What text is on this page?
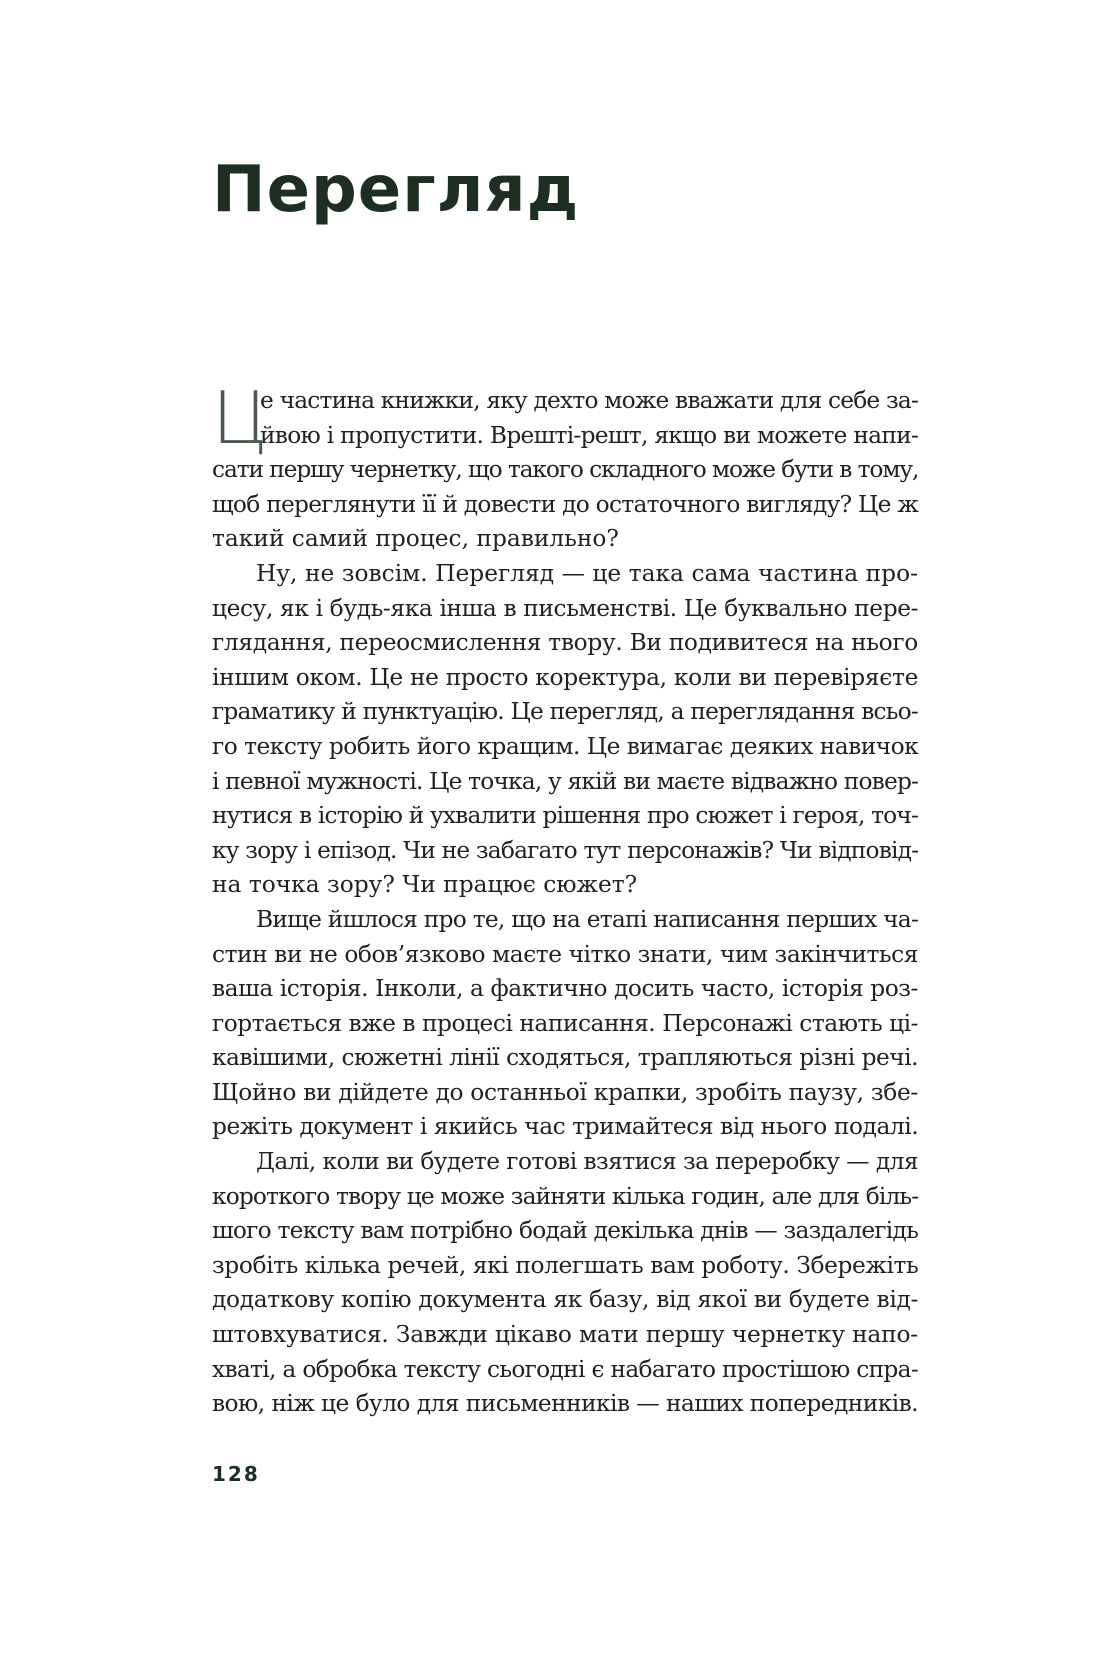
Перегляд
Ц
е частина книжки, яку дехто може вважати для себе за-
йвою і пропустити. Врешті-решт, якщо ви можете напи-
сати першу чернетку, що такого складного може бути в тому,
щоб переглянути її й довести до остаточного вигляду? Це ж
такий самий процес, правильно?
Ну, не зовсім. Перегляд — це така сама частина про-
цесу, як і будь-яка інша в письменстві. Це буквально пере-
глядання, переосмислення твору. Ви подивитеся на нього
іншим оком. Це не просто коректура, коли ви перевіряєте
граматику й пунктуацію. Це перегляд, а переглядання всьо-
го тексту робить його кращим. Це вимагає деяких навичок
і певної мужності. Це точка, у якій ви маєте відважно повер-
нутися в історію й ухвалити рішення про сюжет і героя, точ-
ку зору і епізод. Чи не забагато тут персонажів? Чи відповід-
на точка зору? Чи працює сюжет?
Вище йшлося про те, що на етапі написання перших ча-
стин ви не обов’язково маєте чітко знати, чим закінчиться
ваша історія. Інколи, а фактично досить часто, історія роз-
гортається вже в процесі написання. Персонажі стають ці-
кавішими, сюжетні лінії сходяться, трапляються різні речі.
Щойно ви дійдете до останньої крапки, зробіть паузу, збе-
режіть документ і якийсь час тримайтеся від нього подалі.
Далі, коли ви будете готові взятися за переробку — для
короткого твору це може зайняти кілька годин, але для біль-
шого тексту вам потрібно бодай декілька днів — заздалегідь
зробіть кілька речей, які полегшать вам роботу. Збережіть
додаткову копію документа як базу, від якої ви будете від-
штовхуватися. Завжди цікаво мати першу чернетку напо-
хваті, а обробка тексту сьогодні є набагато простішою спра-
вою, ніж це було для письменників — наших попередників.
128
